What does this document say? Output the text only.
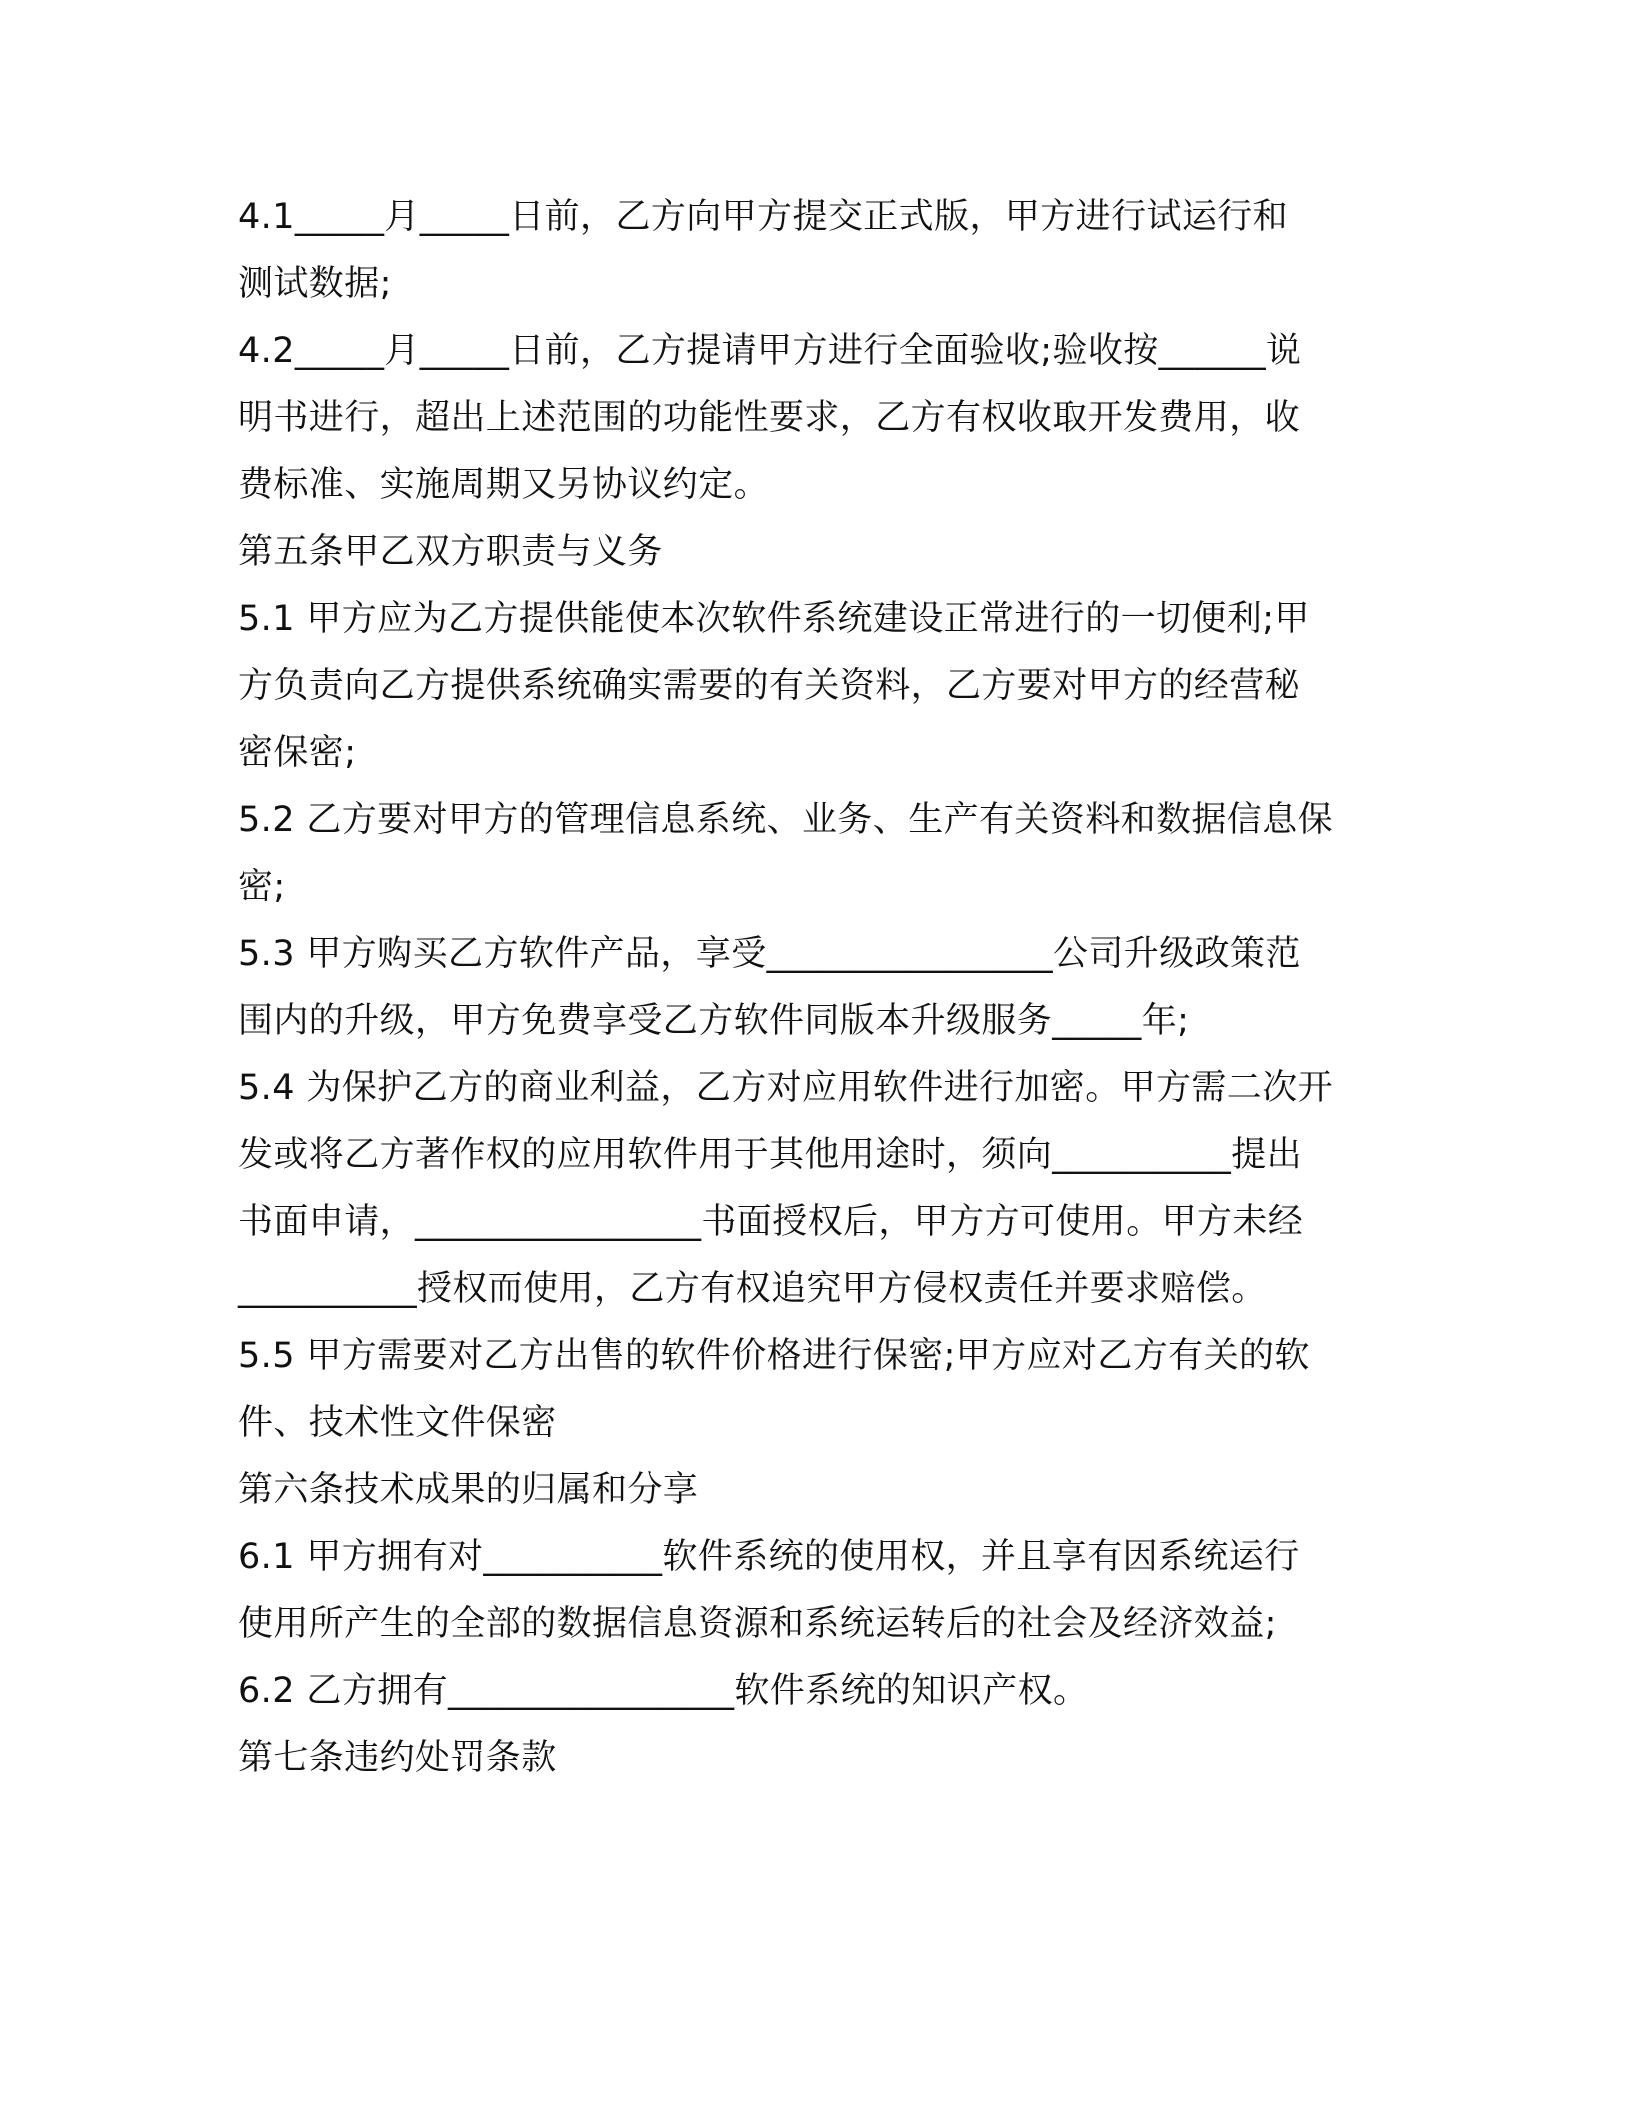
4.1_____月_____日前，乙方向甲方提交正式版，甲方进行试运行和
测试数据;
4.2_____月_____日前，乙方提请甲方进行全面验收;验收按______说
明书进行，超出上述范围的功能性要求，乙方有权收取开发费用，收
费标准、实施周期又另协议约定。
第五条甲乙双方职责与义务
5.1 甲方应为乙方提供能使本次软件系统建设正常进行的一切便利;甲
方负责向乙方提供系统确实需要的有关资料，乙方要对甲方的经营秘
密保密;
5.2 乙方要对甲方的管理信息系统、业务、生产有关资料和数据信息保
密;
5.3 甲方购买乙方软件产品，享受________________公司升级政策范
围内的升级，甲方免费享受乙方软件同版本升级服务_____年;
5.4 为保护乙方的商业利益，乙方对应用软件进行加密。甲方需二次开
发或将乙方著作权的应用软件用于其他用途时，须向__________提出
书面申请，________________书面授权后，甲方方可使用。甲方未经
__________授权而使用，乙方有权追究甲方侵权责任并要求赔偿。
5.5 甲方需要对乙方出售的软件价格进行保密;甲方应对乙方有关的软
件、技术性文件保密
第六条技术成果的归属和分享
6.1 甲方拥有对__________软件系统的使用权，并且享有因系统运行
使用所产生的全部的数据信息资源和系统运转后的社会及经济效益;
6.2 乙方拥有________________软件系统的知识产权。
第七条违约处罚条款
